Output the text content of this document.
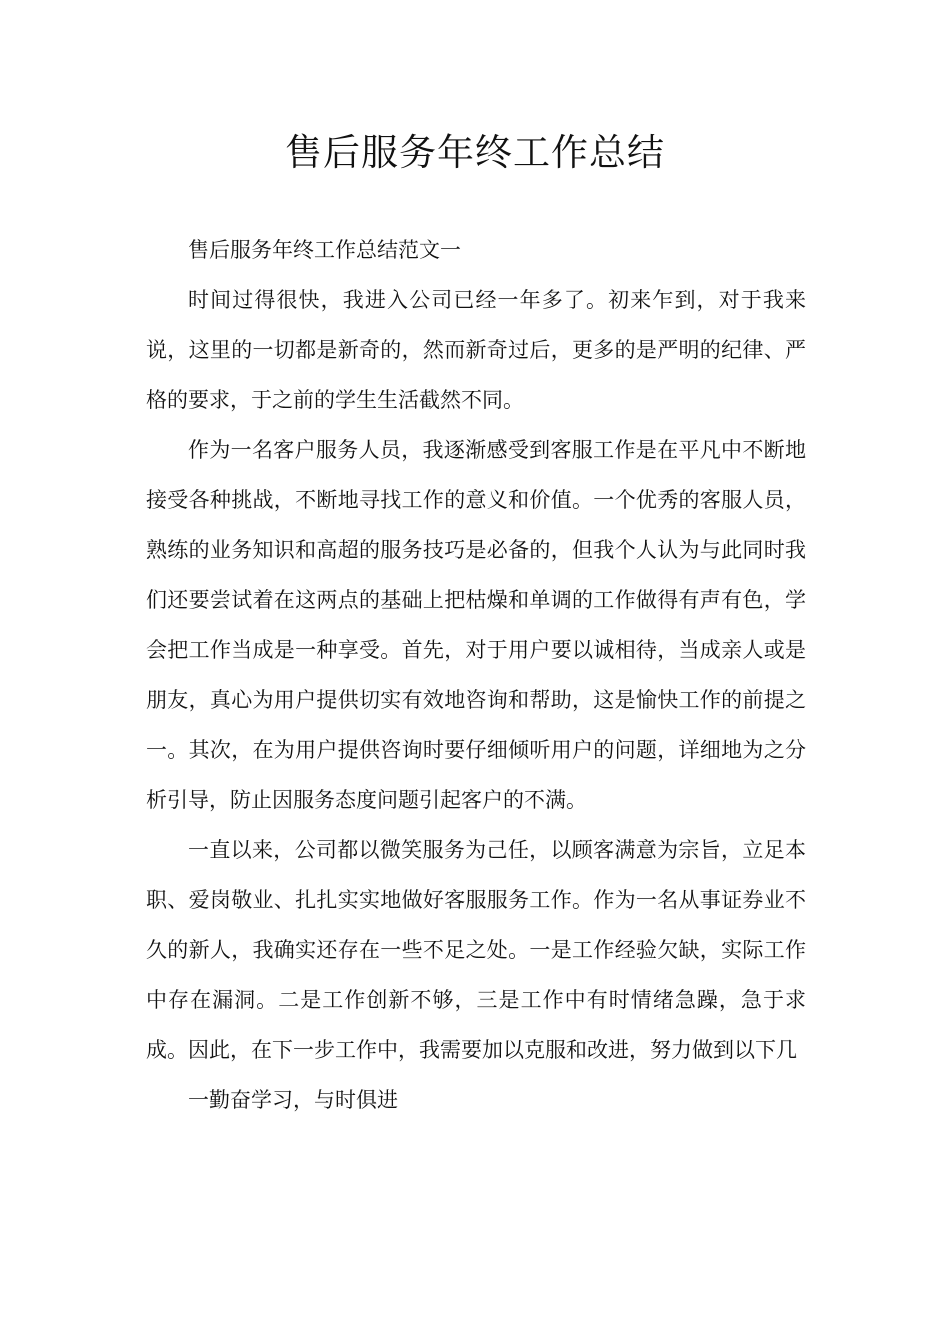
售后服务年终工作总结

售后服务年终工作总结范文一

时间过得很快，我进入公司已经一年多了。初来乍到，对于我来说，这里的一切都是新奇的，然而新奇过后，更多的是严明的纪律、严格的要求，于之前的学生生活截然不同。

作为一名客户服务人员，我逐渐感受到客服工作是在平凡中不断地接受各种挑战，不断地寻找工作的意义和价值。一个优秀的客服人员，熟练的业务知识和高超的服务技巧是必备的，但我个人认为与此同时我们还要尝试着在这两点的基础上把枯燥和单调的工作做得有声有色，学会把工作当成是一种享受。首先，对于用户要以诚相待，当成亲人或是朋友，真心为用户提供切实有效地咨询和帮助，这是愉快工作的前提之一。其次，在为用户提供咨询时要仔细倾听用户的问题，详细地为之分析引导，防止因服务态度问题引起客户的不满。

一直以来，公司都以微笑服务为己任，以顾客满意为宗旨，立足本职、爱岗敬业、扎扎实实地做好客服服务工作。作为一名从事证券业不久的新人，我确实还存在一些不足之处。一是工作经验欠缺，实际工作中存在漏洞。二是工作创新不够，三是工作中有时情绪急躁，急于求成。因此，在下一步工作中，我需要加以克服和改进，努力做到以下几

一勤奋学习，与时俱进
